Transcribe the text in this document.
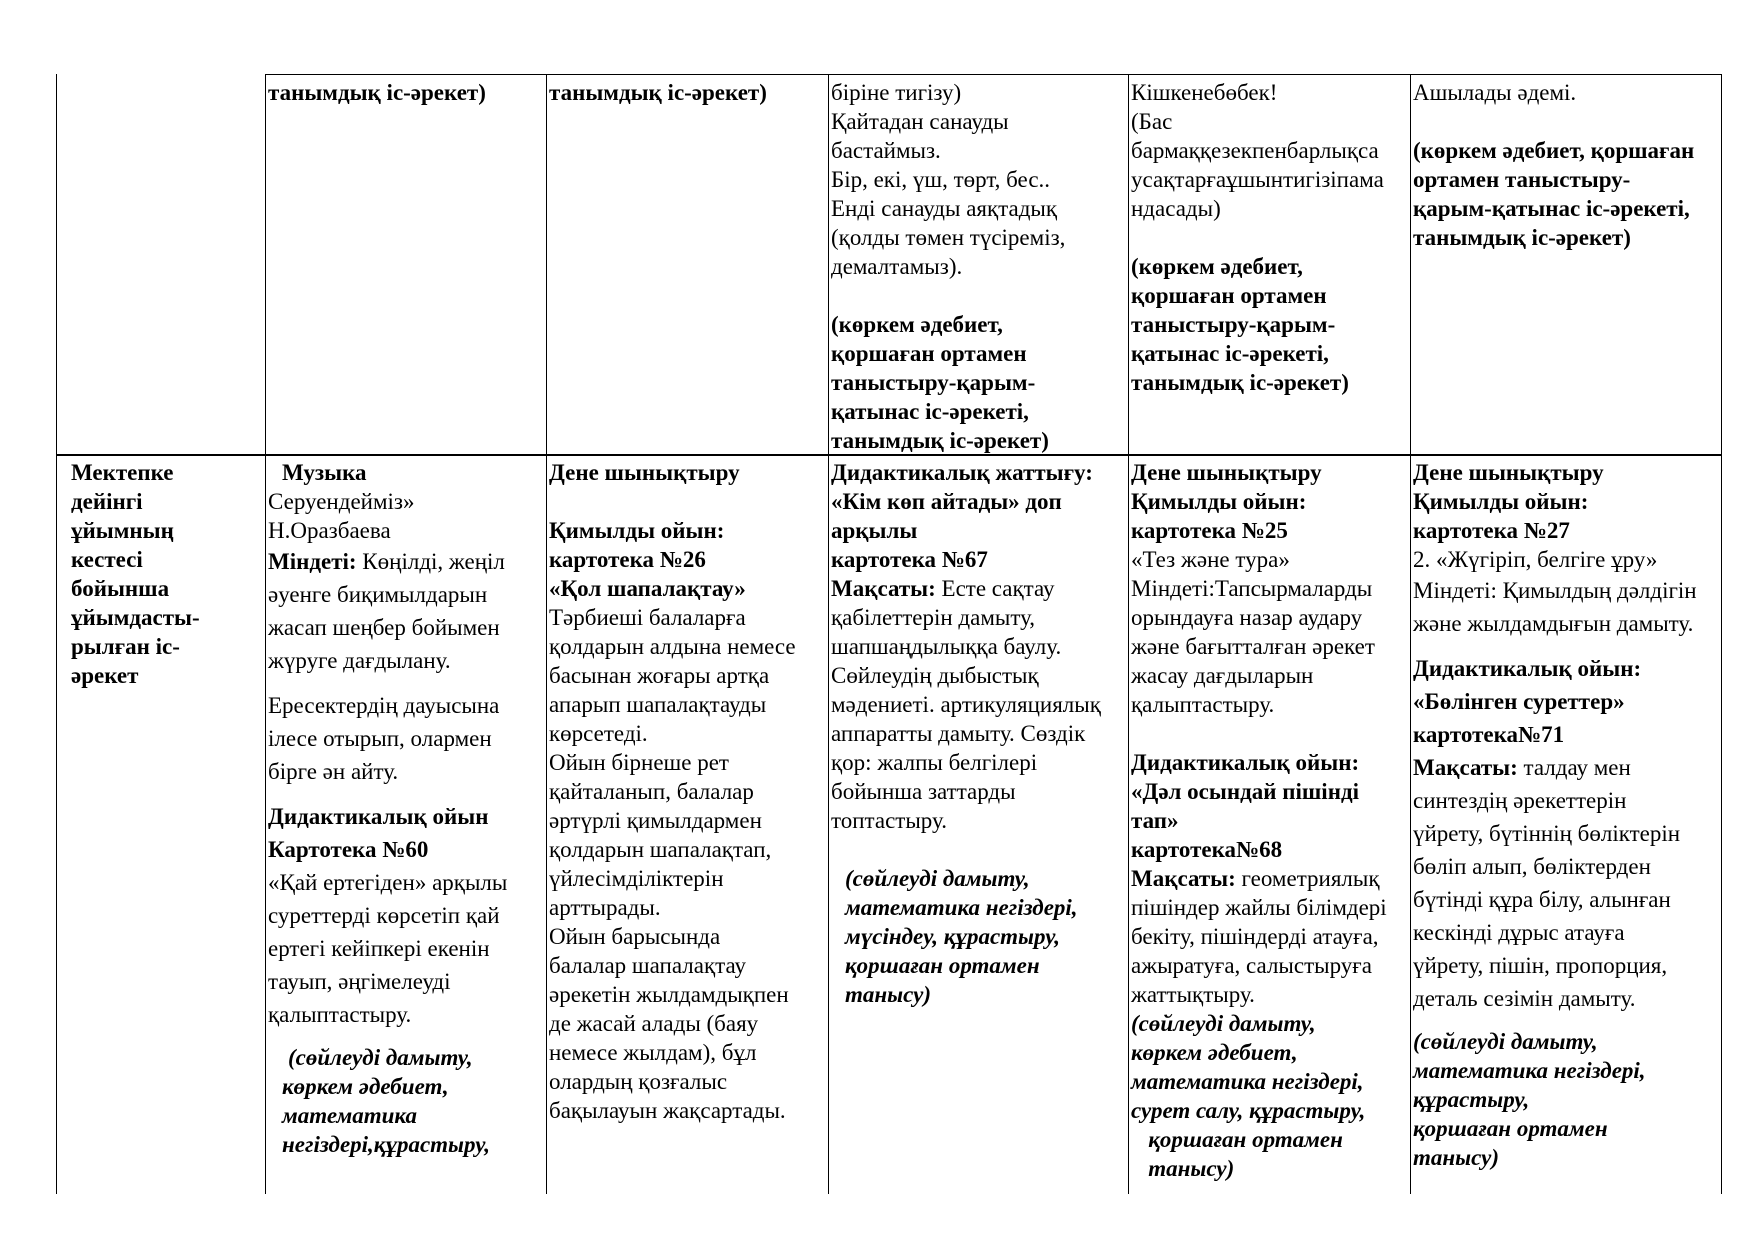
танымдық іс-әрекет)	танымдық іс-әрекет)	біріне тигізу)
Қайтадан санауды
бастаймыз.
Бір, екі, үш, төрт, бес..
Енді санауды аяқтадық
(қолды төмен түсіреміз,
демалтамыз).
(көркем әдебиет,
қоршаған ортамен
таныстыру-қарым-
қатынас іс-әрекеті,
танымдық іс-әрекет)
Кішкенебөбек!
(Бас
бармаққезекпенбарлықса
усақтарғаұшынтигізіпама
ндасады)
(көркем әдебиет,
қоршаған ортамен
таныстыру-қарым-
қатынас іс-әрекеті,
танымдық іс-әрекет)
Ашылады әдемі.
(көркем әдебиет, қоршаған
ортамен таныстыру-
қарым-қатынас іс-әрекеті,
танымдық іс-әрекет)
Мектепке
дейінгі
ұйымның
кестесі
бойынша
ұйымдасты-
рылған іс-
әрекет
Музыка
Серуендейміз»
Н.Оразбаева
Міндеті: Көңілді, жеңіл
әуенге биқимылдарын
жасап шеңбер бойымен
жүруге дағдылану.
Ересектердің дауысына
ілесе отырып, олармен
бірге ән айту.
Дидактикалық ойын
Картотека №60
«Қай ертегіден» арқылы
суреттерді көрсетіп қай
ертегі кейіпкері екенін
тауып, әңгімелеуді
қалыптастыру.
(сөйлеуді дамыту,
көркем әдебиет,
математика
негіздері,құрастыру,
Дене шынықтыру
Қимылды ойын:
картотека №26
«Қол шапалақтау»
Тәрбиеші балаларға
қолдарын алдына немесе
басынан жоғары артқа
апарып шапалақтауды
көрсетеді.
Ойын бірнеше рет
қайталанып, балалар
әртүрлі қимылдармен
қолдарын шапалақтап,
үйлесімділіктерін
арттырады.
Ойын барысында
балалар шапалақтау
әрекетін жылдамдықпен
де жасай алады (баяу
немесе жылдам), бұл
олардың қозғалыс
бақылауын жақсартады.
Дидактикалық жаттығу:
«Кім көп айтады» доп
арқылы
картотека №67
Мақсаты: Есте сақтау
қабілеттерін дамыту,
шапшаңдылыққа баулу.
Сөйлеудің дыбыстық
мәдениеті. артикуляциялық
аппаратты дамыту. Сөздік
қор: жалпы белгілері
бойынша заттарды
топтастыру.
(сөйлеуді дамыту,
математика негіздері,
мүсіндеу, құрастыру,
қоршаған ортамен
танысу)
Дене шынықтыру
Қимылды ойын:
картотека №25
«Тез және тура»
Міндеті:Тапсырмаларды
орындауға назар аудару
және бағытталған әрекет
жасау дағдыларын
қалыптастыру.
Дидактикалық ойын:
«Дәл осындай пішінді
тап»
картотека№68
Мақсаты: геометриялық
пішіндер жайлы білімдері
бекіту, пішіндерді атауға,
ажыратуға, салыстыруға
жаттықтыру.
(сөйлеуді дамыту,
көркем әдебиет,
математика негіздері,
сурет салу, құрастыру,
қоршаған ортамен
танысу)
Дене шынықтыру
Қимылды ойын:
картотека №27
2. «Жүгіріп, белгіге ұру»
Міндеті: Қимылдың дәлдігін
және жылдамдығын дамыту.
Дидактикалық ойын:
«Бөлінген суреттер»
картотека№71
Мақсаты: талдау мен
синтездің әрекеттерін
үйрету, бүтіннің бөліктерін
бөліп алып, бөліктерден
бүтінді құра білу, алынған
кескінді дұрыс атауға
үйрету, пішін, пропорция,
деталь сезімін дамыту.
(сөйлеуді дамыту,
математика негіздері,
құрастыру,
қоршаған ортамен
танысу)
